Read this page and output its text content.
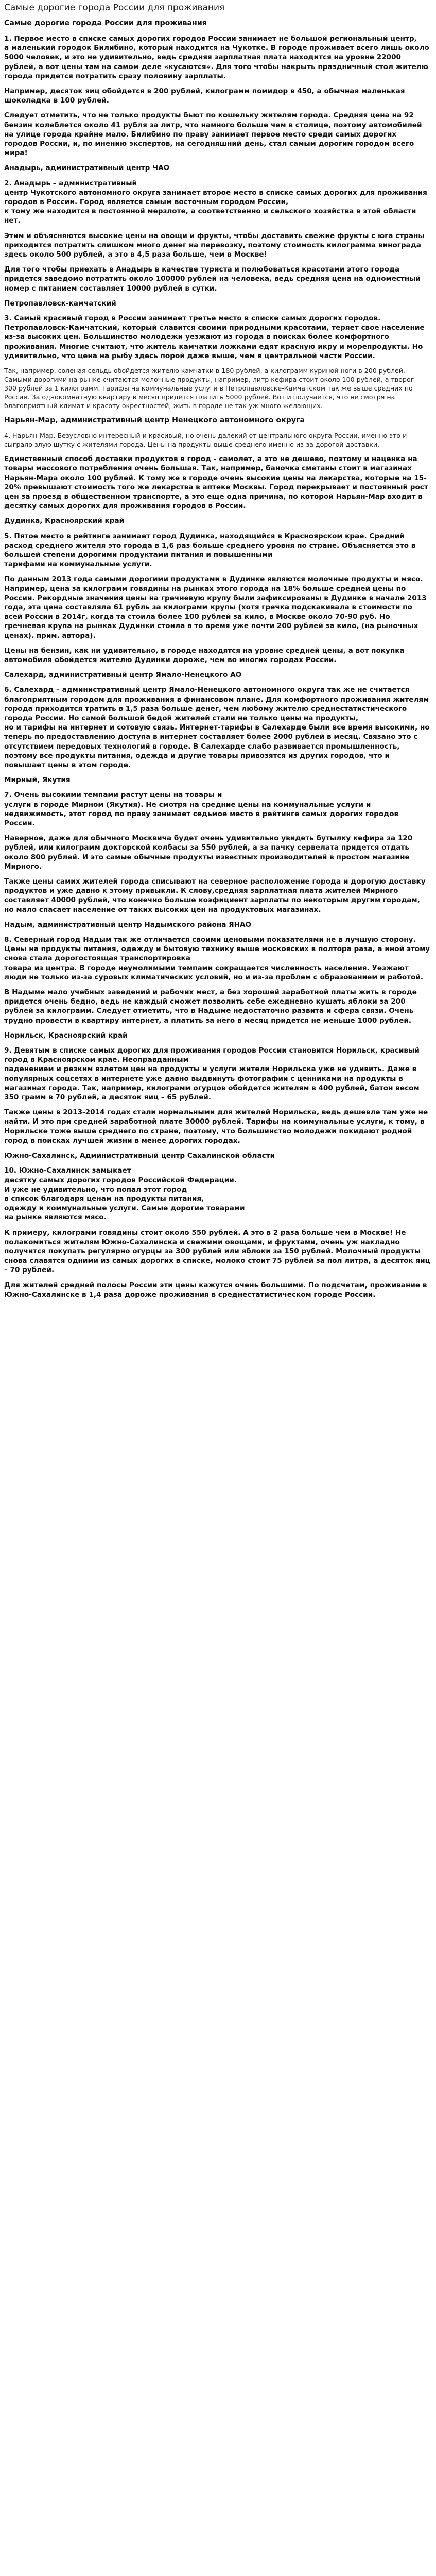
Самые дорогие города России для проживания
Самые дорогие города России для проживания
1. Первое место в списке самых дорогих городов России занимает не большой региональный центр,
а маленький городок Билибино, который находится на Чукотке. В городе проживает всего лишь около 5000 человек, и это не удивительно, ведь средняя зарплатная плата находится на уровне 22000 рублей, а вот цены там на самом деле «кусаются». Для того чтобы накрыть праздничный стол жителю города придется потратить сразу половину зарплаты.
Например, десяток яиц обойдется в 200 рублей, килограмм помидор в 450, а обычная маленькая шоколадка в 100 рублей.
Следует отметить, что не только продукты бьют по кошельку жителям города. Средняя цена на 92 бензин колеблется около 41 рубля за литр, что намного больше чем в столице, поэтому автомобилей на улице города крайне мало. Билибино по праву занимает первое место среди самых дорогих городов России, и, по мнению экспертов, на сегодняшний день, стал самым дорогим городом всего мира!
Анадырь, административный центр ЧАО
2. Анадырь – административный
центр Чукотского автономного округа занимает второе место в списке самых дорогих для проживания городов в России. Город является самым восточным городом России,
к тому же находится в постоянной мерзлоте, а соответственно и сельского хозяйства в этой области нет.
Этим и объясняются высокие цены на овощи и фрукты, чтобы доставить свежие фрукты с юга страны приходится потратить слишком много денег на перевозку, поэтому стоимость килограмма винограда здесь около 500 рублей, а это в 4,5 раза больше, чем в Москве!
Для того чтобы приехать в Анадырь в качестве туриста и полюбоваться красотами этого города придется заведомо потратить около 100000 рублей на человека, ведь средняя цена на одноместный номер с питанием составляет 10000 рублей в сутки.
Петропавловск-камчатский
3. Самый красивый город в России занимает третье место в списке самых дорогих городов. Петропавловск-Камчатский, который славится своими природными красотами, теряет свое население из-за высоких цен. Большинство молодежи уезжают из города в поисках более комфортного проживания. Многие считают, что житель камчатки ложками едят красную икру и морепродукты. Но удивительно, что цена на рыбу здесь порой даже выше, чем в центральной части России.
Так, например, соленая сельдь обойдется жителю камчатки в 180 рублей, а килограмм куриной ноги в 200 рублей. Самыми дорогими на рынке считаются молочные продукты, например, литр кефира стоит около 100 рублей, а творог – 300 рублей за 1 килограмм. Тарифы на коммунальные услуги в Петропавловске-Камчатском так же выше средних по России. За однокомнатную квартиру в месяц придется платить 5000 рублей. Вот и получается, что не смотря на благоприятный климат и красоту окрестностей, жить в городе не так уж много желающих.
Нарьян-Мар, административный центр Ненецкого автономного округа
4. Нарьян-Мар. Безусловно интересный и красивый, но очень далекий от центрального округа России, именно это и сыграло злую шутку с жителями города. Цены на продукты выше среднего именно из-за дорогой доставки.
Единственный способ доставки продуктов в город - самолет, а это не дешево, поэтому и наценка на товары массового потребления очень большая. Так, например, баночка сметаны стоит в магазинах Нарьян-Мара около 100 рублей. К тому же в городе очень высокие цены на лекарства, которые на 15-20% превышают стоимость того же лекарства в аптеке Москвы. Город перекрывает и постоянный рост цен за проезд в общественном транспорте, а это еще одна причина, по которой Нарьян-Мар входит в десятку самых дорогих для проживания городов в России.
Дудинка, Красноярский край
5. Пятое место в рейтинге занимает город Дудинка, находящийся в Красноярском крае. Средний
расход среднего жителя это города в 1,6 раз больше среднего уровня по стране. Объясняется это в большей степени дорогими продуктами питания и повышенными
тарифами на коммунальные услуги.
По данным 2013 года самыми дорогими продуктами в Дудинке являются молочные продукты и мясо. Например, цена за килограмм говядины на рынках этого города на 18% больше средней цены по России. Рекордные значения цены на гречневую крупу были зафиксированы в Дудинке в начале 2013 года, эта цена составляла 61 рубль за килограмм крупы (хотя гречка подскакивала в стоимости по всей России в 2014г, когда та стоила более 100 рублей за кило, в Москве около 70-90 руб. Но гречневая крупа на рынках Дудинки стоила в то время уже почти 200 рублей за кило, (на рыночных ценах). прим. автора).
Цены на бензин, как ни удивительно, в городе находятся на уровне средней цены, а вот покупка автомобиля обойдется жителю Дудинки дороже, чем во многих городах России.
Салехард, административный центр Ямало-Ненецкого АО
6. Салехард – административный центр Ямало-Ненецкого автономного округа так же не считается
благоприятным городом для проживания в финансовом плане. Для комфортного проживания жителям города приходится тратить в 1,5 раза больше денег, чем любому жителю среднестатистического города России. Но самой большой бедой жителей стали не только цены на продукты,
но и тарифы на интернет и сотовую связь. Интернет-тарифы в Салехарде были все время высокими, но теперь по предоставлению доступа в интернет составляет более 2000 рублей в месяц. Связано это с отсутствием передовых технологий в городе. В Салехарде слабо развивается промышленность, поэтому все продукты питания, одежда и другие товары привозятся из других городов, что и повышает цены в этом городе.
Мирный, Якутия
7. Очень высокими темпами растут цены на товары и
услуги в городе Мирном (Якутия). Не смотря на средние цены на коммунальные услуги и недвижимость, этот город по праву занимает седьмое место в рейтинге самых дорогих городов России.
Наверное, даже для обычного Москвича будет очень удивительно увидеть бутылку кефира за 120 рублей, или килограмм докторской колбасы за 550 рублей, а за пачку сервелата придется отдать около 800 рублей. И это самые обычные продукты известных производителей в простом магазине Мирного.
Также цены самих жителей города списывают на северное расположение города и дорогую доставку продуктов и уже давно к этому привыкли. К слову,средняя зарплатная плата жителей Мирного составляет 40000 рублей, что конечно больше коэфициент зарплаты по некоторым другим городам, но мало спасает население от таких высоких цен на продуктовых магазинах.
Надым, административный центр Надымского района ЯНАО
8. Северный город Надым так же отличается своими ценовыми показателями не в лучшую сторону.
Цены на продукты питания, одежду и бытовую технику выше московских в полтора раза, а иной этому
снова стала дорогостоящая транспортировка
товара из центра. В городе неумолимыми темпами сокращается численность населения. Уезжают
люди не только из-за суровых климатических условий, но и из-за проблем с образованием и работой.
В Надыме мало учебных заведений и рабочих мест, а без хорошей заработной платы жить в городе придется очень бедно, ведь не каждый сможет позволить себе ежедневно кушать яблоки за 200 рублей за килограмм. Следует отметить, что в Надыме недостаточно развита и сфера связи. Очень трудно провести в квартиру интернет, а платить за него в месяц придется не меньше 1000 рублей.
Норильск, Красноярский край
9. Девятым в списке самых дорогих для проживания городов России становится Норильск, красивый
город в Красноярском крае. Неоправданным
паденением и резким взлетом цен на продукты и услуги жители Норильска уже не удивить. Даже в популярных соцсетях в интернете уже давно выдвинуть фотографии с ценниками на продукты в магазинах города. Так, например, килограмм огурцов обойдется жителям в 400 рублей, батон весом 350 грамм в 70 рублей, а десяток яиц – 65 рублей.
Также цены в 2013-2014 годах стали нормальными для жителей Норильска, ведь дешевле там уже не найти. И это при средней заработной плате 30000 рублей. Тарифы на коммунальные услуги, к тому, в Норильске тоже выше среднего по стране, поэтому, что большинство молодежи покидают родной город в поисках лучшей жизни в менее дорогих городах.
Южно-Сахалинск, Административный центр Сахалинской области
10. Южно-Сахалинск замыкает
десятку самых дорогих городов Российской Федерации.
И уже не удивительно, что попал этот город
в список благодаря ценам на продукты питания,
одежду и коммунальные услуги. Самые дорогие товарами
на рынке являются мясо.
К примеру, килограмм говядины стоит около 550 рублей. А это в 2 раза больше чем в Москве! Не полакомиться жителям Южно-Сахалинска и свежими овощами, и фруктами, очень уж накладно получится покупать регулярно огурцы за 300 рублей или яблоки за 150 рублей. Молочный продукты снова славятся одними из самых дорогих в списке, молоко стоит 75 рублей за пол литра, а десяток яиц – 70 рублей.
Для жителей средней полосы России эти цены кажутся очень большими. По подсчетам, проживание в Южно-Сахалинске в 1,4 раза дороже проживания в среднестатистическом городе России.
